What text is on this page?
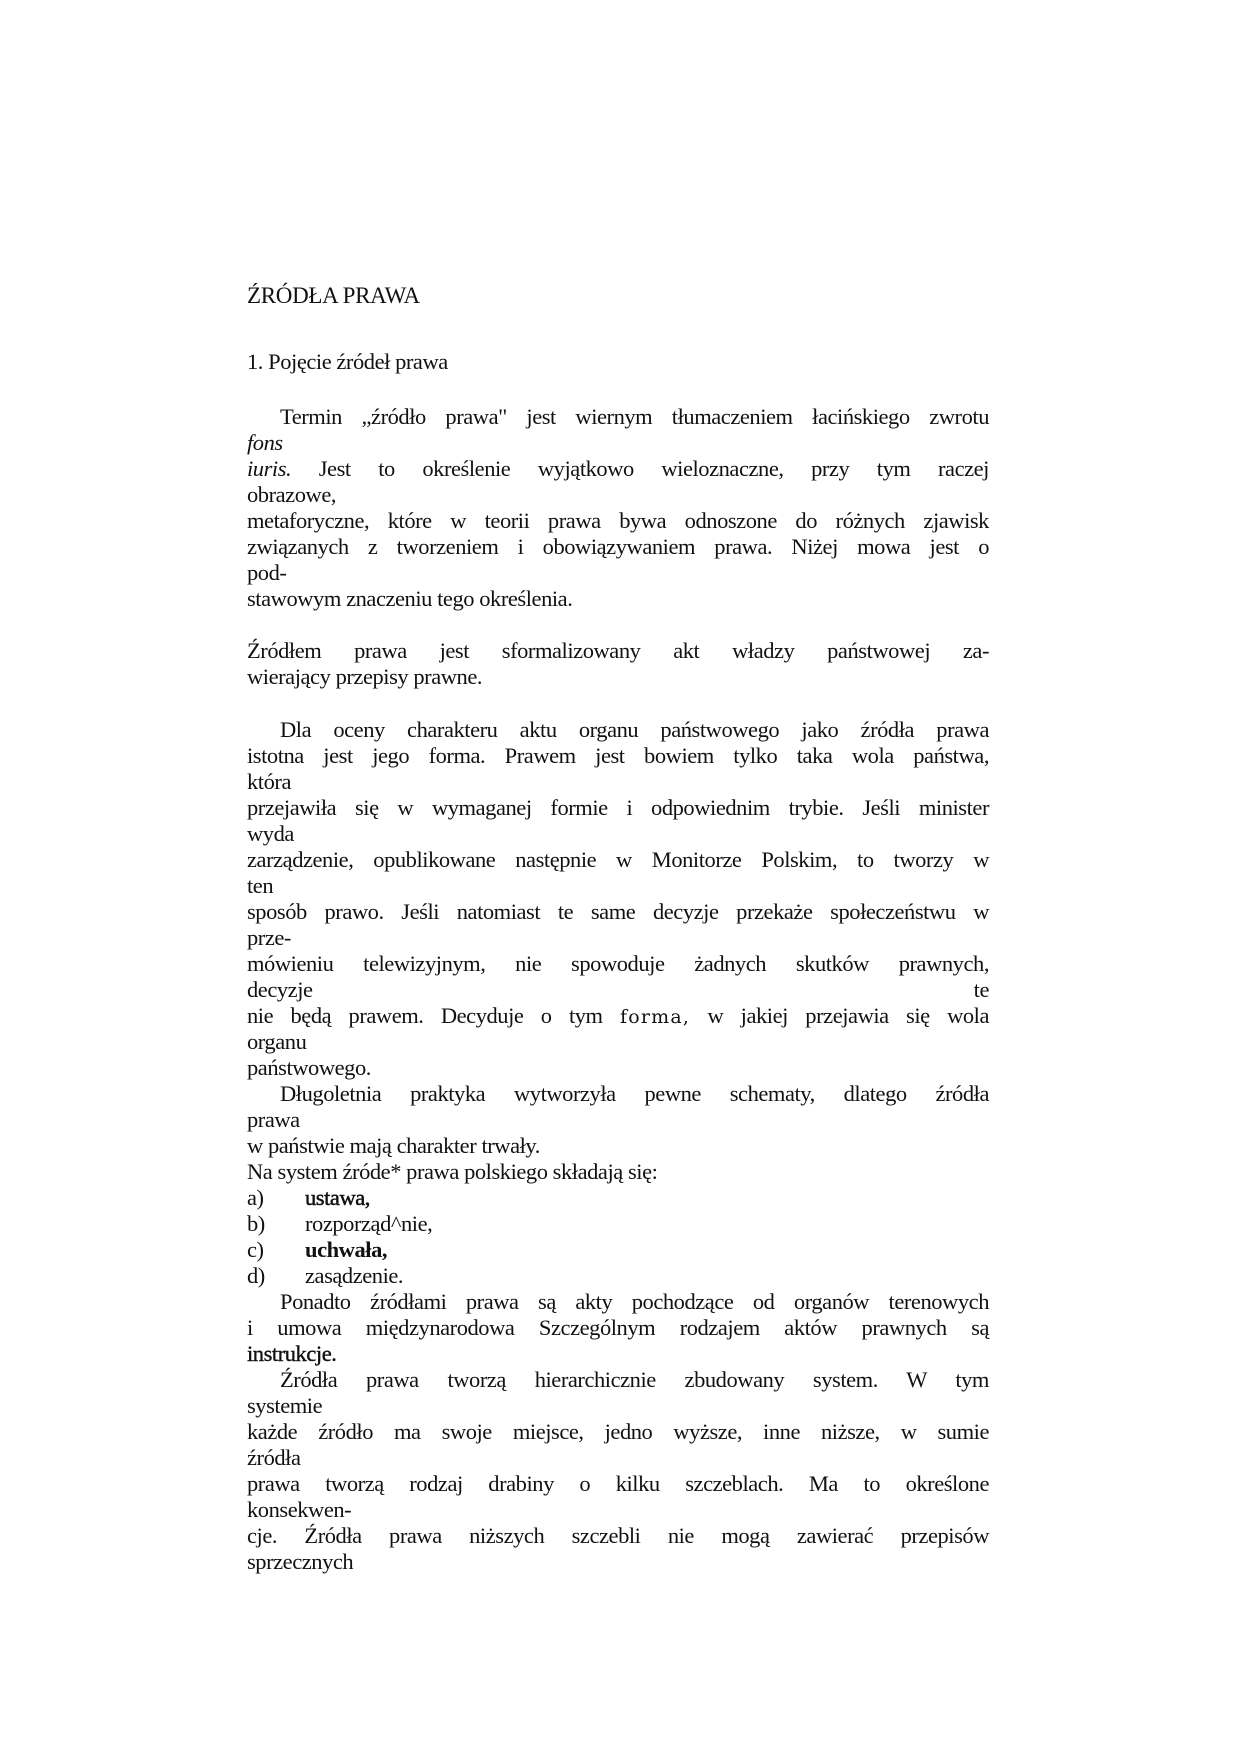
ŹRÓDŁA PRAWA
1. Pojęcie źródeł prawa
Termin „źródło prawa" jest wiernym tłumaczeniem łacińskiego zwrotu
fons
iuris. Jest to określenie wyjątkowo wieloznaczne, przy tym raczej
obrazowe,
metaforyczne, które w teorii prawa bywa odnoszone do różnych zjawisk
związanych z tworzeniem i obowiązywaniem prawa. Niżej mowa jest o
pod-
stawowym znaczeniu tego określenia.
Źródłem prawa jest sformalizowany akt władzy państwowej za-
wierający przepisy prawne.
Dla oceny charakteru aktu organu państwowego jako źródła prawa
istotna jest jego forma. Prawem jest bowiem tylko taka wola państwa,
która
przejawiła się w wymaganej formie i odpowiednim trybie. Jeśli minister
wyda
zarządzenie, opublikowane następnie w Monitorze Polskim, to tworzy w
ten
sposób prawo. Jeśli natomiast te same decyzje przekaże społeczeństwu w
prze-
mówieniu telewizyjnym, nie spowoduje żadnych skutków prawnych,
decyzje	te
nie będą prawem. Decyduje o tym forma, w jakiej przejawia się wola
organu
państwowego.
Długoletnia praktyka wytworzyła pewne schematy, dlatego źródła
prawa
w państwie mają charakter trwały.
Na system źróde* prawa polskiego składają się:
a) ustawa,
b) rozporząd^nie,
c) uchwała,
d) zasądzenie.
Ponadto źródłami prawa są akty pochodzące od organów terenowych
i umowa międzynarodowa Szczególnym rodzajem aktów prawnych są
instrukcje.
Źródła prawa tworzą hierarchicznie zbudowany system. W tym
systemie
każde źródło ma swoje miejsce, jedno wyższe, inne niższe, w sumie
źródła
prawa tworzą rodzaj drabiny o kilku szczeblach. Ma to określone
konsekwen-
cje. Źródła prawa niższych szczebli nie mogą zawierać przepisów
sprzecznych
